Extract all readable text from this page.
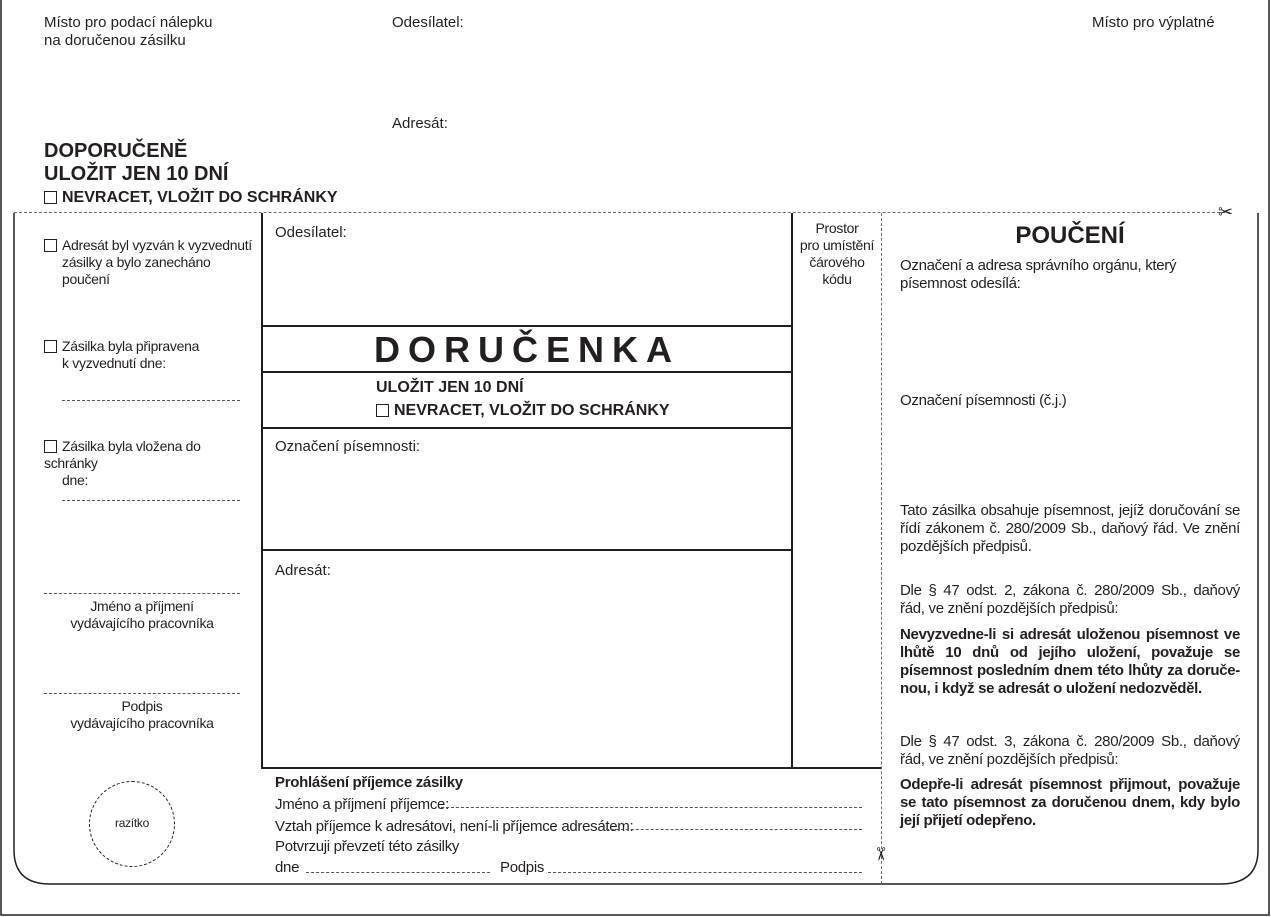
Místo pro podací nálepku
na doručenou zásilku
Odesílatel:	Místo pro výplatné
Adresát:
DOPORUČENĚ
ULOŽIT JEN 10 DNÍ
NEVRACET, VLOŽIT DO SCHRÁNKY
✂
Adresát byl vyzván k vyzvednutí
zásilky a bylo zanecháno poučení
Zásilka byla připravena
k vyzvednutí dne:
Zásilka byla vložena do schránky
dne:
Jméno a příjmení
vydávajícího pracovníka
Podpis
vydávajícího pracovníka
razítko
Odesílatel:
DORUČENKA
ULOŽIT JEN 10 DNÍ
NEVRACET, VLOŽIT DO SCHRÁNKY
Označení písemnosti:
Adresát:
Prostor
pro umístění
čárového
kódu
✂
Prohlášení příjemce zásilky
Jméno a příjmení příjemce:
Vztah příjemce k adresátovi, není-li příjemce adresátem:
Potvrzuji převzetí této zásilky
dne	Podpis
POUČENÍ
Označení a adresa správního orgánu, který písemnost odesílá:
Označení písemnosti (č.j.)
Tato zásilka obsahuje písemnost, jejíž doručování se řídí zákonem č. 280/2009 Sb., daňový řád. Ve znění pozdějších předpisů.
Dle § 47 odst. 2, zákona č. 280/2009 Sb., daňový řád, ve znění pozdějších předpisů:
Nevyzvedne-li si adresát uloženou písemnost ve lhůtě 10 dnů od jejího uložení, považuje se písemnost posledním dnem této lhůty za doruče-nou, i když se adresát o uložení nedozvěděl.
Dle § 47 odst. 3, zákona č. 280/2009 Sb., daňový řád, ve znění pozdějších předpisů:
Odepře-li adresát písemnost přijmout, považuje se tato písemnost za doručenou dnem, kdy bylo její přijetí odepřeno.
